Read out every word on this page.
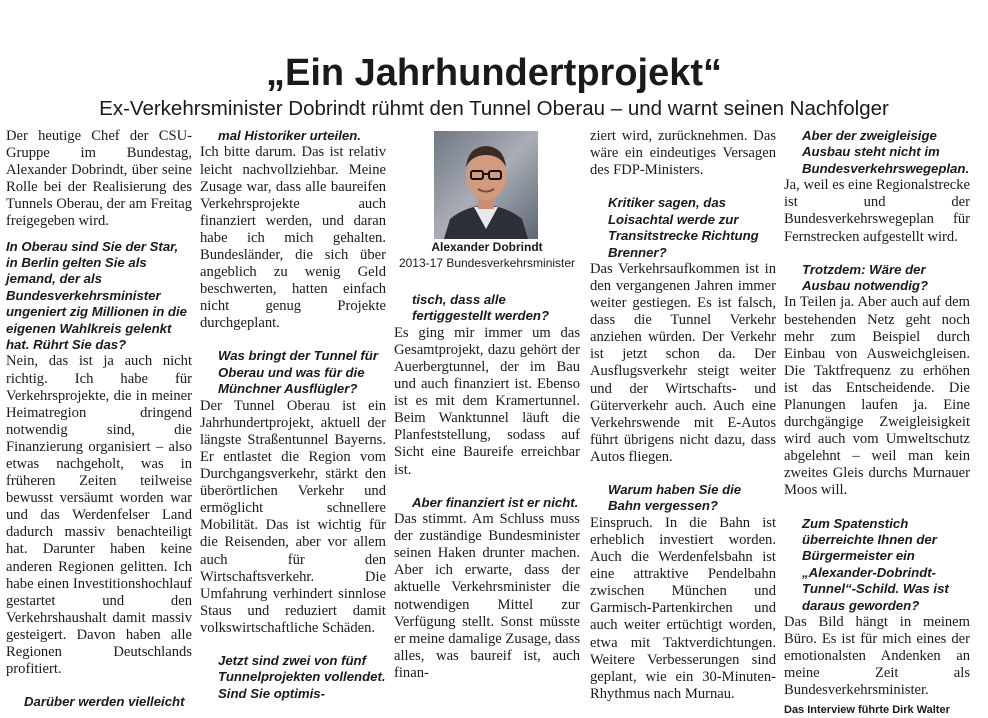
„Ein Jahrhundertprojekt“
Ex-Verkehrsminister Dobrindt rühmt den Tunnel Oberau – und warnt seinen Nachfolger

Der heutige Chef der CSU-Gruppe im Bundestag, Alexander Dobrindt, über seine Rolle bei der Realisierung des Tunnels Oberau, der am Freitag freigegeben wird.

In Oberau sind Sie der Star, in Berlin gelten Sie als jemand, der als Bundesverkehrsminister ungeniert zig Millionen in die eigenen Wahlkreis gelenkt hat. Rührt Sie das?

Nein, das ist ja auch nicht richtig. Ich habe für Verkehrsprojekte, die in meiner Heimatregion dringend notwendig sind, die Finanzierung organisiert – also etwas nachgeholt, was in früheren Zeiten teilweise bewusst versäumt worden war und das Werdenfelser Land dadurch massiv benachteiligt hat. Darunter haben keine anderen Regionen gelitten. Ich habe einen Investitionshochlauf gestartet und den Verkehrshaushalt damit massiv gesteigert. Davon haben alle Regionen Deutschlands profitiert.

Darüber werden vielleicht

mal Historiker urteilen.

Ich bitte darum. Das ist relativ leicht nachvollziehbar. Meine Zusage war, dass alle baureifen Verkehrsprojekte auch finanziert werden, und daran habe ich mich gehalten. Bundesländer, die sich über angeblich zu wenig Geld beschwerten, hatten einfach nicht genug Projekte durchgeplant.

Was bringt der Tunnel für Oberau und was für die Münchner Ausflügler?

Der Tunnel Oberau ist ein Jahrhundertprojekt, aktuell der längste Straßentunnel Bayerns. Er entlastet die Region vom Durchgangsverkehr, stärkt den überörtlichen Verkehr und ermöglicht schnellere Mobilität. Das ist wichtig für die Reisenden, aber vor allem auch für den Wirtschaftsverkehr. Die Umfahrung verhindert sinnlose Staus und reduziert damit volkswirtschaftliche Schäden.

Jetzt sind zwei von fünf Tunnelprojekten vollendet. Sind Sie optimis-

Alexander Dobrindt
2013-17 Bundesverkehrsminister

tisch, dass alle fertiggestellt werden?

Es ging mir immer um das Gesamtprojekt, dazu gehört der Auerbergtunnel, der im Bau und auch finanziert ist. Ebenso ist es mit dem Kramertunnel. Beim Wanktunnel läuft die Planfeststellung, sodass auf Sicht eine Baureife erreichbar ist.

Aber finanziert ist er nicht.

Das stimmt. Am Schluss muss der zuständige Bundesminister seinen Haken drunter machen. Aber ich erwarte, dass der aktuelle Verkehrsminister die notwendigen Mittel zur Verfügung stellt. Sonst müsste er meine damalige Zusage, dass alles, was baureif ist, auch finan-

ziert wird, zurücknehmen. Das wäre ein eindeutiges Versagen des FDP-Ministers.

Kritiker sagen, das Loisachtal werde zur Transitstrecke Richtung Brenner?

Das Verkehrsaufkommen ist in den vergangenen Jahren immer weiter gestiegen. Es ist falsch, dass die Tunnel Verkehr anziehen würden. Der Verkehr ist jetzt schon da. Der Ausflugsverkehr steigt weiter und der Wirtschafts- und Güterverkehr auch. Auch eine Verkehrswende mit E-Autos führt übrigens nicht dazu, dass Autos fliegen.

Warum haben Sie die Bahn vergessen?

Einspruch. In die Bahn ist erheblich investiert worden. Auch die Werdenfelsbahn ist eine attraktive Pendelbahn zwischen München und Garmisch-Partenkirchen und auch weiter ertüchtigt worden, etwa mit Taktverdichtungen. Weitere Verbesserungen sind geplant, wie ein 30-Minuten-Rhythmus nach Murnau.

Aber der zweigleisige Ausbau steht nicht im Bundesverkehrswegeplan.

Ja, weil es eine Regionalstrecke ist und der Bundesverkehrswegeplan für Fernstrecken aufgestellt wird.

Trotzdem: Wäre der Ausbau notwendig?

In Teilen ja. Aber auch auf dem bestehenden Netz geht noch mehr zum Beispiel durch Einbau von Ausweichgleisen. Die Taktfrequenz zu erhöhen ist das Entscheidende. Die Planungen laufen ja. Eine durchgängige Zweigleisigkeit wird auch vom Umweltschutz abgelehnt – weil man kein zweites Gleis durchs Murnauer Moos will.

Zum Spatenstich überreichte Ihnen der Bürgermeister ein „Alexander-Dobrindt-Tunnel“-Schild. Was ist daraus geworden?

Das Bild hängt in meinem Büro. Es ist für mich eines der emotionalsten Andenken an meine Zeit als Bundesverkehrsminister.

Das Interview führte Dirk Walter
